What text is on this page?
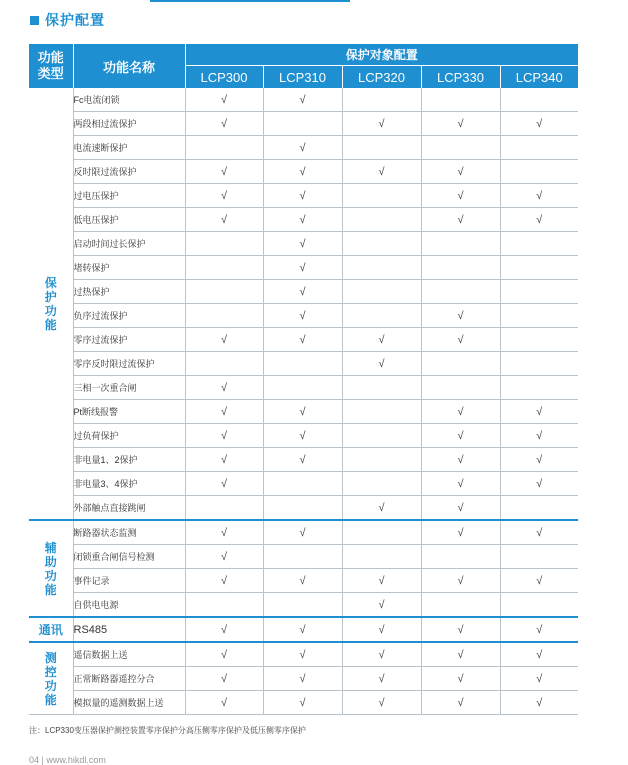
保护配置
功能类型	功能名称	保护对象配置				
		LCP300	LCP310	LCP320	LCP330	LCP340
保护功能	Fc电流闭锁	√	√			
	两段相过流保护	√		√	√	√
	电流速断保护		√			
	反时限过流保护	√	√	√	√	
	过电压保护	√	√		√	√
	低电压保护	√	√		√	√
	启动时间过长保护		√			
	堵转保护		√			
	过热保护		√			
	负序过流保护		√		√	
	零序过流保护	√	√	√	√	
	零序反时限过流保护			√		
	三相一次重合闸	√				
	Pt断线报警	√	√		√	√
	过负荷保护	√	√		√	√
	非电量1、2保护	√	√		√	√
	非电量3、4保护	√			√	√
	外部触点直接跳闸			√	√	
辅助功能	断路器状态监测	√	√		√	√
	闭锁重合闸信号检测	√				
	事件记录	√	√	√	√	√
	自供电电源			√		
通讯	RS485	√	√	√	√	√
测控功能	遥信数据上送	√	√	√	√	√
	正常断路器遥控分合	√	√	√	√	√
	模拟量的遥测数据上送	√	√	√	√	√
注：LCP330变压器保护测控装置零序保护分高压侧零序保护及低压侧零序保护
04 | www.hikdl.com
